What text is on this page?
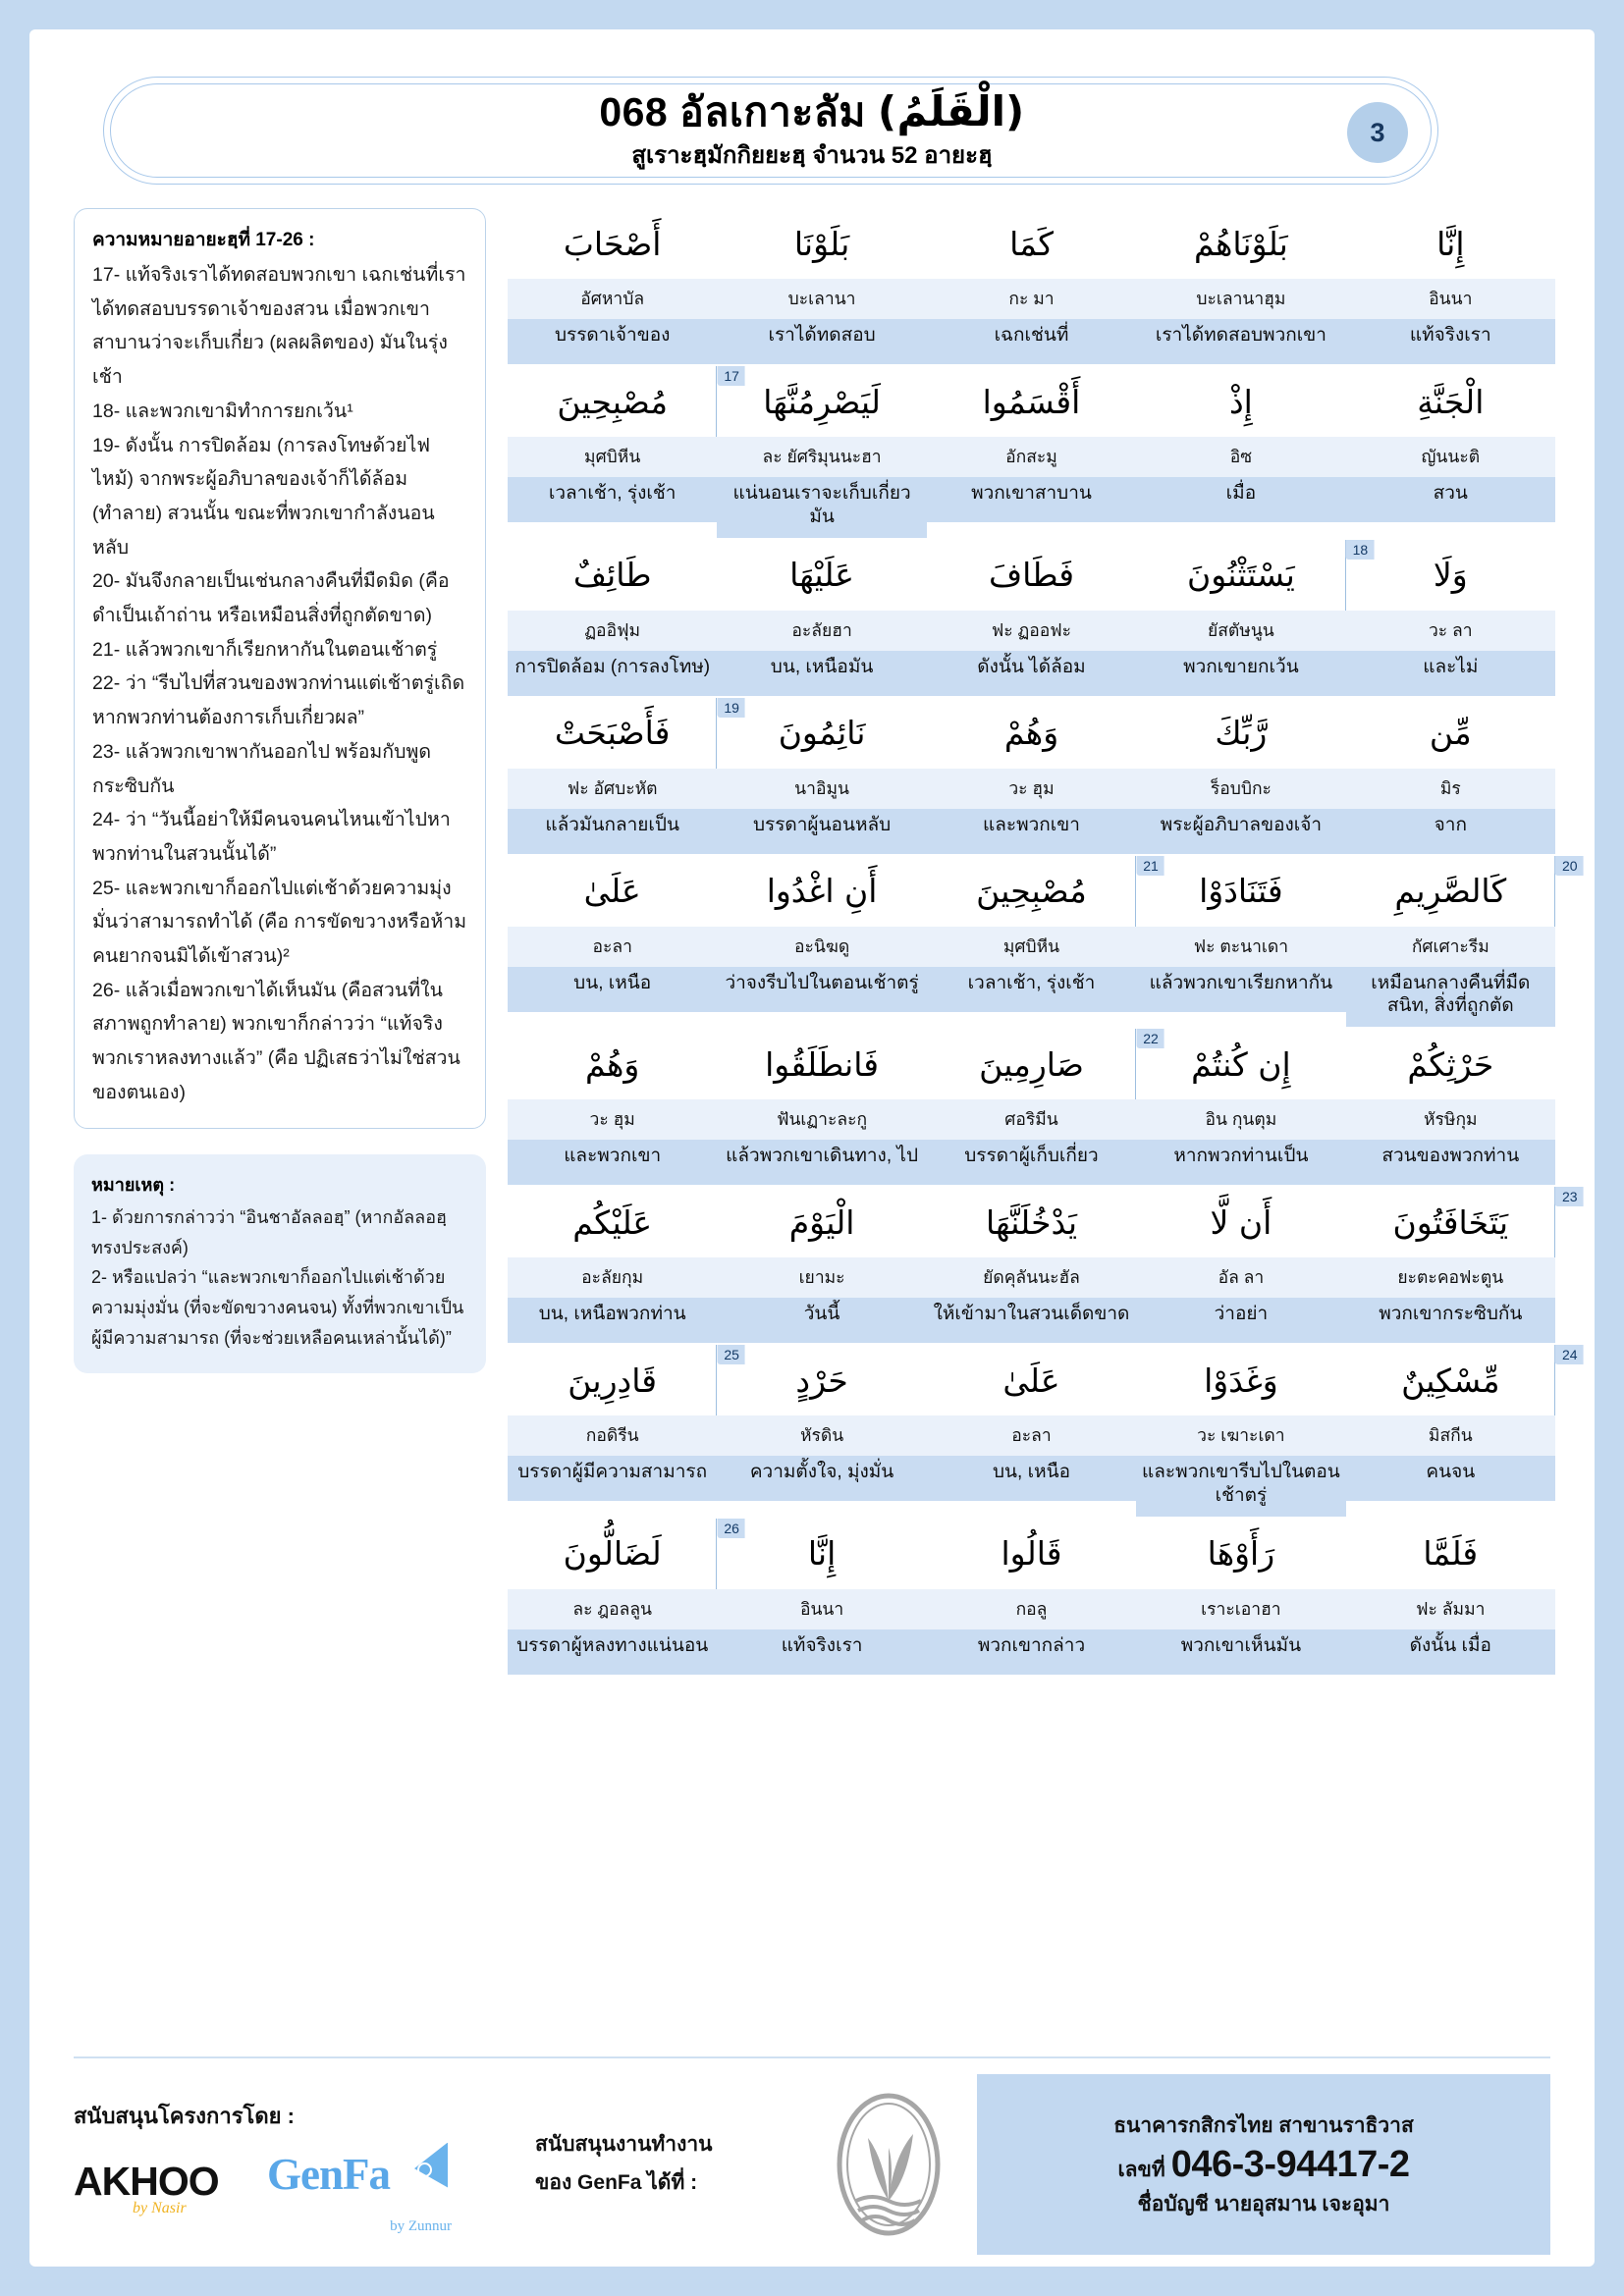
068 อัลเกาะลัม (الْقَلَمُ)
สูเราะฮฺมักกิยยะฮฺ จำนวน 52 อายะฮฺ
3
ความหมายอายะฮฺที่ 17-26 :
17- แท้จริงเราได้ทดสอบพวกเขา เฉกเช่นที่เราได้ทดสอบบรรดาเจ้าของสวน เมื่อพวกเขาสาบานว่าจะเก็บเกี่ยว (ผลผลิตของ) มันในรุ่งเช้า
18- และพวกเขามิทำการยกเว้น¹
19- ดังนั้น การปิดล้อม (การลงโทษด้วยไฟไหม้) จากพระผู้อภิบาลของเจ้าก็ได้ล้อม (ทำลาย) สวนนั้น ขณะที่พวกเขากำลังนอนหลับ
20- มันจึงกลายเป็นเช่นกลางคืนที่มืดมิด (คือ ดำเป็นเถ้าถ่าน หรือเหมือนสิ่งที่ถูกตัดขาด)
21- แล้วพวกเขาก็เรียกหากันในตอนเช้าตรู่
22- ว่า “รีบไปที่สวนของพวกท่านแต่เช้าตรู่เถิด หากพวกท่านต้องการเก็บเกี่ยวผล”
23- แล้วพวกเขาพากันออกไป พร้อมกับพูดกระซิบกัน
24- ว่า “วันนี้อย่าให้มีคนจนคนไหนเข้าไปหาพวกท่านในสวนนั้นได้”
25- และพวกเขาก็ออกไปแต่เช้าด้วยความมุ่งมั่นว่าสามารถทำได้ (คือ การขัดขวางหรือห้ามคนยากจนมิได้เข้าสวน)²
26- แล้วเมื่อพวกเขาได้เห็นมัน (คือสวนที่ในสภาพถูกทำลาย) พวกเขาก็กล่าวว่า “แท้จริงพวกเราหลงทางแล้ว” (คือ ปฏิเสธว่าไม่ใช่สวนของตนเอง)
หมายเหตุ :
1- ด้วยการกล่าวว่า “อินชาอัลลอฮฺ” (หากอัลลอฮฺทรงประสงค์)
2- หรือแปลว่า “และพวกเขาก็ออกไปแต่เช้าด้วยความมุ่งมั่น (ที่จะขัดขวางคนจน) ทั้งที่พวกเขาเป็นผู้มีความสามารถ (ที่จะช่วยเหลือคนเหล่านั้นได้)”
إِنَّا
อินนา
แท้จริงเรา
بَلَوْنَاهُمْ
บะเลานาฮุม
เราได้ทดสอบพวกเขา
كَمَا
กะ มา
เฉกเช่นที่
بَلَوْنَا
บะเลานา
เราได้ทดสอบ
أَصْحَابَ
อัศหาบัล
บรรดาเจ้าของ
الْجَنَّةِ
ญันนะติ
สวน
إِذْ
อิซ
เมื่อ
أَقْسَمُوا
อักสะมู
พวกเขาสาบาน
لَيَصْرِمُنَّهَا
ละ ยัศริมุนนะฮา
แน่นอนเราจะเก็บเกี่ยวมัน
مُصْبِحِينَ
มุศบิหีน
เวลาเช้า, รุ่งเช้า
17
وَلَا
วะ ลา
และไม่
يَسْتَثْنُونَ
ยัสตัษนูน
พวกเขายกเว้น
18
فَطَافَ
ฟะ ฏออฟะ
ดังนั้น ได้ล้อม
عَلَيْهَا
อะลัยฮา
บน, เหนือมัน
طَائِفٌ
ฏออิฟุม
การปิดล้อม (การลงโทษ)
مِّن
มิร
จาก
رَّبِّكَ
ร็อบบิกะ
พระผู้อภิบาลของเจ้า
وَهُمْ
วะ ฮุม
และพวกเขา
نَائِمُونَ
นาอิมูน
บรรดาผู้นอนหลับ
فَأَصْبَحَتْ
ฟะ อัศบะหัต
แล้วมันกลายเป็น
19
كَالصَّرِيمِ
กัศเศาะรีม
เหมือนกลางคืนที่มืดสนิท, สิ่งที่ถูกตัด
20
فَتَنَادَوْا
ฟะ ตะนาเดา
แล้วพวกเขาเรียกหากัน
مُصْبِحِينَ
มุศบิหีน
เวลาเช้า, รุ่งเช้า
21
أَنِ اغْدُوا
อะนิฆดู
ว่าจงรีบไปในตอนเช้าตรู่
عَلَىٰ
อะลา
บน, เหนือ
حَرْثِكُمْ
หัรษิกุม
สวนของพวกท่าน
إِن كُنتُمْ
อิน กุนตุม
หากพวกท่านเป็น
صَارِمِينَ
ศอริมีน
บรรดาผู้เก็บเกี่ยว
22
فَانطَلَقُوا
ฟันเฏาะละกู
แล้วพวกเขาเดินทาง, ไป
وَهُمْ
วะ ฮุม
และพวกเขา
يَتَخَافَتُونَ
ยะตะคอฟะตูน
พวกเขากระซิบกัน
23
أَن لَّا
อัล ลา
ว่าอย่า
يَدْخُلَنَّهَا
ยัดคุลันนะฮัล
ให้เข้ามาในสวนเด็ดขาด
الْيَوْمَ
เยามะ
วันนี้
عَلَيْكُم
อะลัยกุม
บน, เหนือพวกท่าน
مِّسْكِينٌ
มิสกีน
คนจน
24
وَغَدَوْا
วะ เฆาะเดา
และพวกเขารีบไปในตอนเช้าตรู่
عَلَىٰ
อะลา
บน, เหนือ
حَرْدٍ
หัรดิน
ความตั้งใจ, มุ่งมั่น
قَادِرِينَ
กอดิรีน
บรรดาผู้มีความสามารถ
25
فَلَمَّا
ฟะ ลัมมา
ดังนั้น เมื่อ
رَأَوْهَا
เราะเอาฮา
พวกเขาเห็นมัน
قَالُوا
กอลู
พวกเขากล่าว
إِنَّا
อินนา
แท้จริงเรา
لَضَالُّونَ
ละ ฎอลลูน
บรรดาผู้หลงทางแน่นอน
26
สนับสนุนโครงการโดย :
AKHOO
by Nasir
GenFa
by Zunnur
สนับสนุนงานทำงาน
ของ GenFa ได้ที่ :
ธนาคารกสิกรไทย สาขานราธิวาส
เลขที่ 046-3-94417-2
ชื่อบัญชี นายอุสมาน เจะอุมา
